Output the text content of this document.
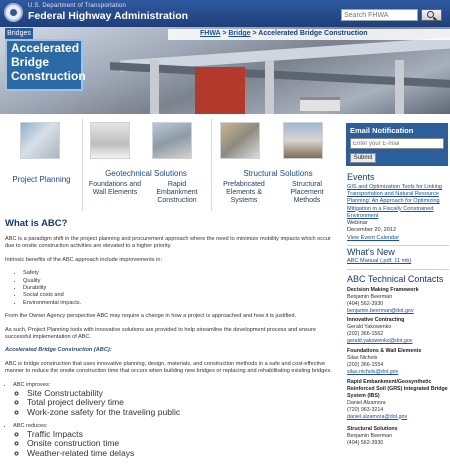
U.S. Department of Transportation
Federal Highway Administration
Search FHWA
FHWA > Bridge > Accelerated Bridge Construction
Bridges
Accelerated
Bridge
Construction
Project Planning
Geotechnical Solutions
Foundations and
Wall Elements
Rapid
Embankment
Construction
Structural Solutions
Prefabricated
Elements &
Systems
Structural
Placement
Methods
What is ABC?

ABC is a paradigm shift in the project planning and procurement approach where the need to minimize mobility impacts which occur due to onsite construction activities are elevated to a higher priority.

Intrinsic benefits of the ABC approach include improvements in:

• Safety
• Quality
• Durability
• Social costs and
• Environmental impacts.

From the Owner Agency perspective ABC may require a change in how a project is approached and how it is justified.

As such, Project Planning tools with innovative solutions are provided to help streamline the development process and ensure successful implementation of ABC.

Accelerated Bridge Construction (ABC):

ABC is bridge construction that uses innovative planning, design, materials, and construction methods in a safe and cost-effective manner to reduce the onsite construction time that occurs when building new bridges or replacing and rehabilitating existing bridges.

• ABC improves:
◦ Site Constructability
◦ Total project delivery time
◦ Work-zone safety for the traveling public
• ABC reduces:
◦ Traffic Impacts
◦ Onsite construction time
◦ Weather-related time delays
Email Notification
Enter your E-mail
Submit
Events
GIS and Optimization Tools for Linking Transportation and Natural Resource Planning: An Approach for Optimizing Mitigation in a Fiscally Constrained Environment
Webinar
December 20, 2012
View Event Calendar
What's New
ABC Manual (.pdf, 11 mb)
ABC Technical Contacts
Decision Making Framework
Benjamin Beerman
(404) 562-3930
benjamin.beerman@dot.gov
Innovative Contracting
Gerald Yakowenko
(202) 366-1562
gerald.yakowenko@dot.gov
Foundations & Wall Elements
Silas Nichols
(202) 366-1554
silas.nichols@dot.gov
Rapid Embankment/Geosynthetic Reinforced Soil (GRS) Integrated Bridge System (IBS)
Daniel Alzamora
(720) 963-3214
daniel.alzamora@dot.gov
Structural Solutions
Benjamin Beerman
(404) 562-3930
